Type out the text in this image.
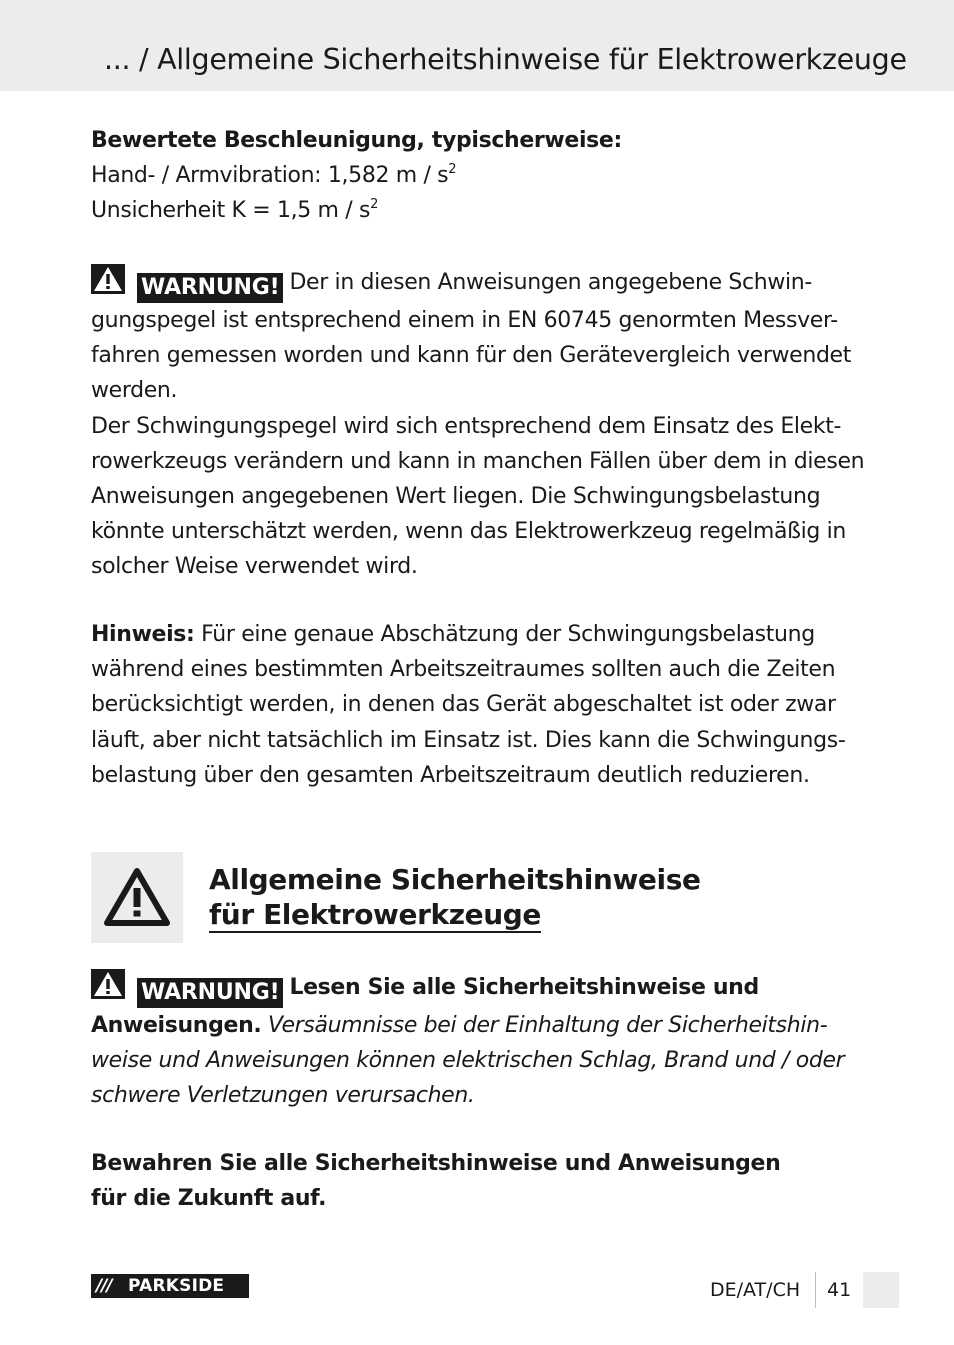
... / Allgemeine Sicherheitshinweise für Elektrowerkzeuge
Bewertete Beschleunigung, typischerweise:
Hand- / Armvibration: 1,582 m / $s^2$
Unsicherheit K = 1,5 m / $s^2$
WARNUNG! Der in diesen Anweisungen angegebene Schwin-
gungspegel ist entsprechend einem in EN 60745 genormten Messver-
fahren gemessen worden und kann für den Gerätevergleich verwendet
werden.
Der Schwingungspegel wird sich entsprechend dem Einsatz des Elekt-
rowerkzeugs verändern und kann in manchen Fällen über dem in diesen
Anweisungen angegebenen Wert liegen. Die Schwingungsbelastung
könnte unterschätzt werden, wenn das Elektrowerkzeug regelmäßig in
solcher Weise verwendet wird.
Hinweis: Für eine genaue Abschätzung der Schwingungsbelastung
während eines bestimmten Arbeitszeitraumes sollten auch die Zeiten
berücksichtigt werden, in denen das Gerät abgeschaltet ist oder zwar
läuft, aber nicht tatsächlich im Einsatz ist. Dies kann die Schwingungs-
belastung über den gesamten Arbeitszeitraum deutlich reduzieren.
Allgemeine Sicherheitshinweise
für Elektrowerkzeuge
WARNUNG! Lesen Sie alle Sicherheitshinweise und
Anweisungen. Versäumnisse bei der Einhaltung der Sicherheitshin-
weise und Anweisungen können elektrischen Schlag, Brand und / oder
schwere Verletzungen verursachen.
Bewahren Sie alle Sicherheitshinweise und Anweisungen
für die Zukunft auf.
/// PARKSIDE	DE/AT/CH 41
